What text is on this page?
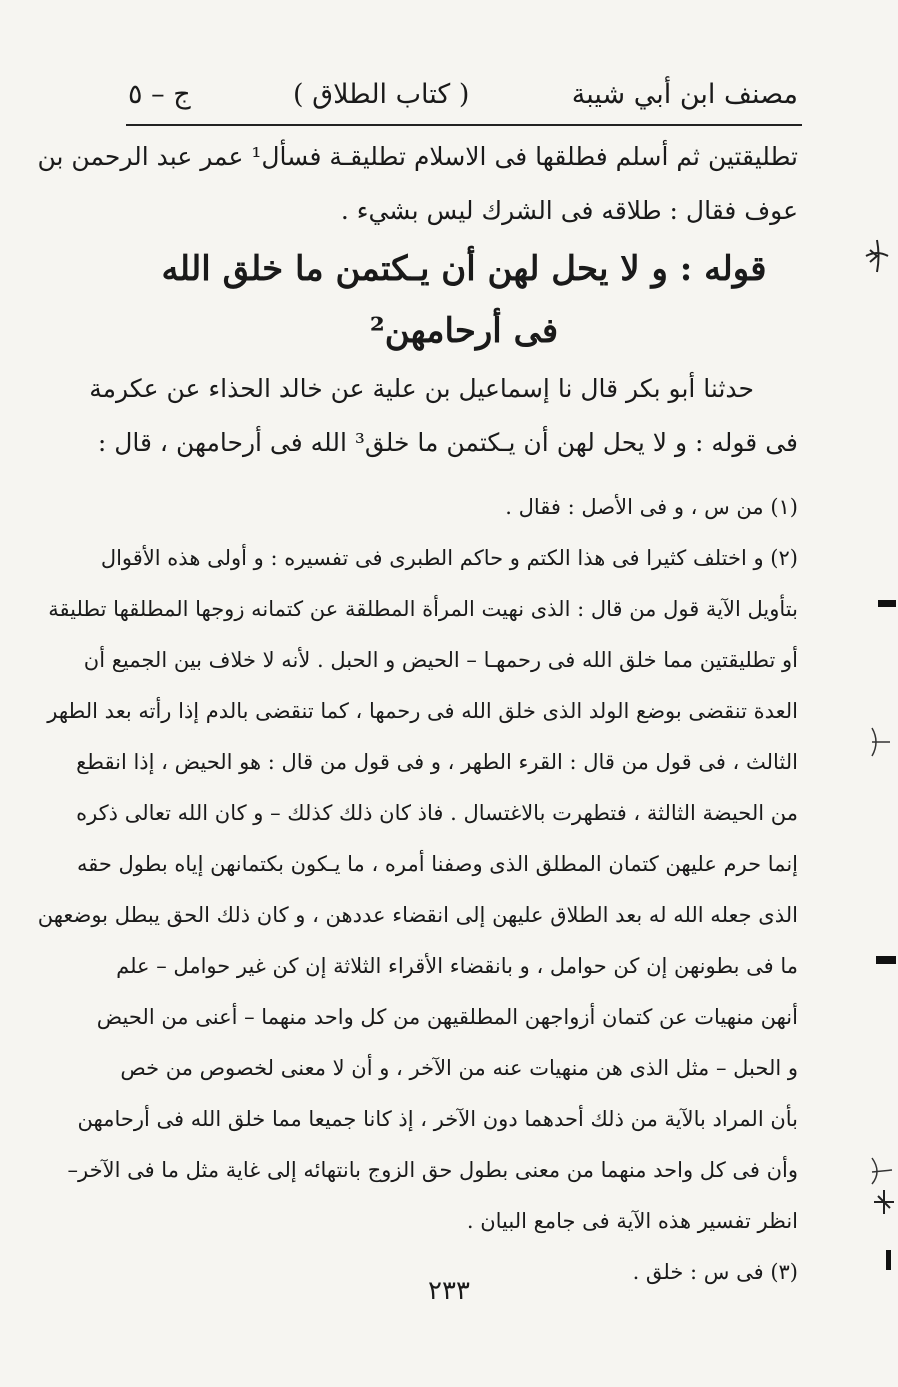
مصنف ابن أبي شيبة
( كتاب الطلاق )
ج – ٥
تطليقتين ثم أسلم فطلقها فى الاسلام تطليقـة فسأل¹ عمر عبد الرحمن بن
عوف فقال : طلاقه فى الشرك ليس بشيء .
قوله : و لا يحل لهن أن يـكتمن ما خلق الله
فى أرحامهن²
حدثنا أبو بكر قال نا إسماعيل بن علية عن خالد الحذاء عن عكرمة
فى قوله : و لا يحل لهن أن يـكتمن ما خلق³ الله فى أرحامهن ، قال :
(١) من س ، و فى الأصل : فقال .
(٢) و اختلف كثيرا فى هذا الكتم و حاكم الطبرى فى تفسيره : و أولى هذه الأقوال
بتأويل الآية قول من قال : الذى نهيت المرأة المطلقة عن كتمانه زوجها المطلقها تطليقة
أو تطليقتين مما خلق الله فى رحمهـا – الحيض و الحبل . لأنه لا خلاف بين الجميع أن
العدة تنقضى بوضع الولد الذى خلق الله فى رحمها ، كما تنقضى بالدم إذا رأته بعد الطهر
الثالث ، فى قول من قال : القرء الطهر ، و فى قول من قال : هو الحيض ، إذا انقطع
من الحيضة الثالثة ، فتطهرت بالاغتسال . فاذ كان ذلك كذلك – و كان الله تعالى ذكره
إنما حرم عليهن كتمان المطلق الذى وصفنا أمره ، ما يـكون بكتمانهن إياه بطول حقه
الذى جعله الله له بعد الطلاق عليهن إلى انقضاء عددهن ، و كان ذلك الحق يبطل بوضعهن
ما فى بطونهن إن كن حوامل ، و بانقضاء الأقراء الثلاثة إن كن غير حوامل – علم
أنهن منهيات عن كتمان أزواجهن المطلقيهن من كل واحد منهما – أعنى من الحيض
و الحبل – مثل الذى هن منهيات عنه من الآخر ، و أن لا معنى لخصوص من خص
بأن المراد بالآية من ذلك أحدهما دون الآخر ، إذ كانا جميعا مما خلق الله فى أرحامهن
وأن فى كل واحد منهما من معنى بطول حق الزوج بانتهائه إلى غاية مثل ما فى الآخر–
انظر تفسير هذه الآية فى جامع البيان .
(٣) فى س : خلق .
٢٣٣
